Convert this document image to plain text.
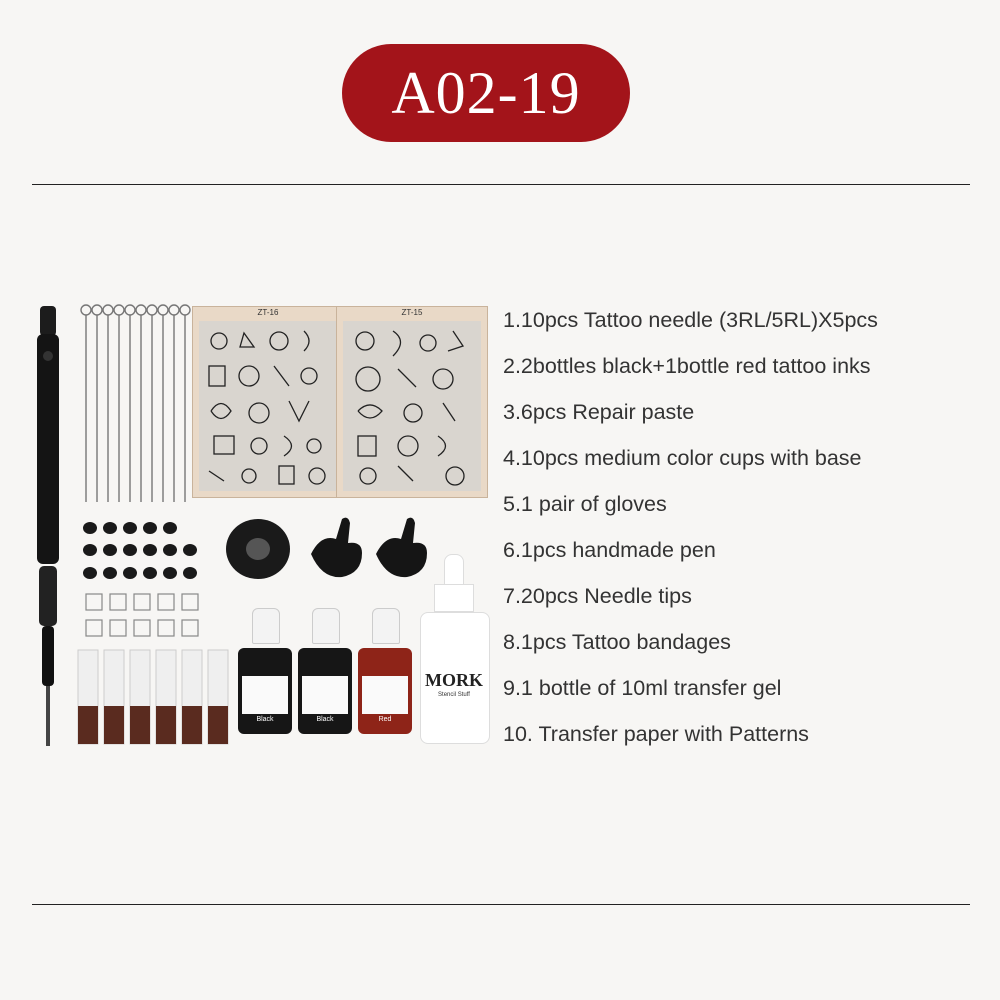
A02-19
ZT-16	ZT-15
Black	Black	Red
MORK
Stencil Stuff
1.10pcs Tattoo needle (3RL/5RL)X5pcs
2.2bottles black+1bottle red tattoo inks
3.6pcs Repair paste
4.10pcs medium color cups with base
5.1 pair of gloves
6.1pcs handmade pen
7.20pcs Needle tips
8.1pcs Tattoo bandages
9.1 bottle of 10ml transfer gel
10. Transfer paper with Patterns
